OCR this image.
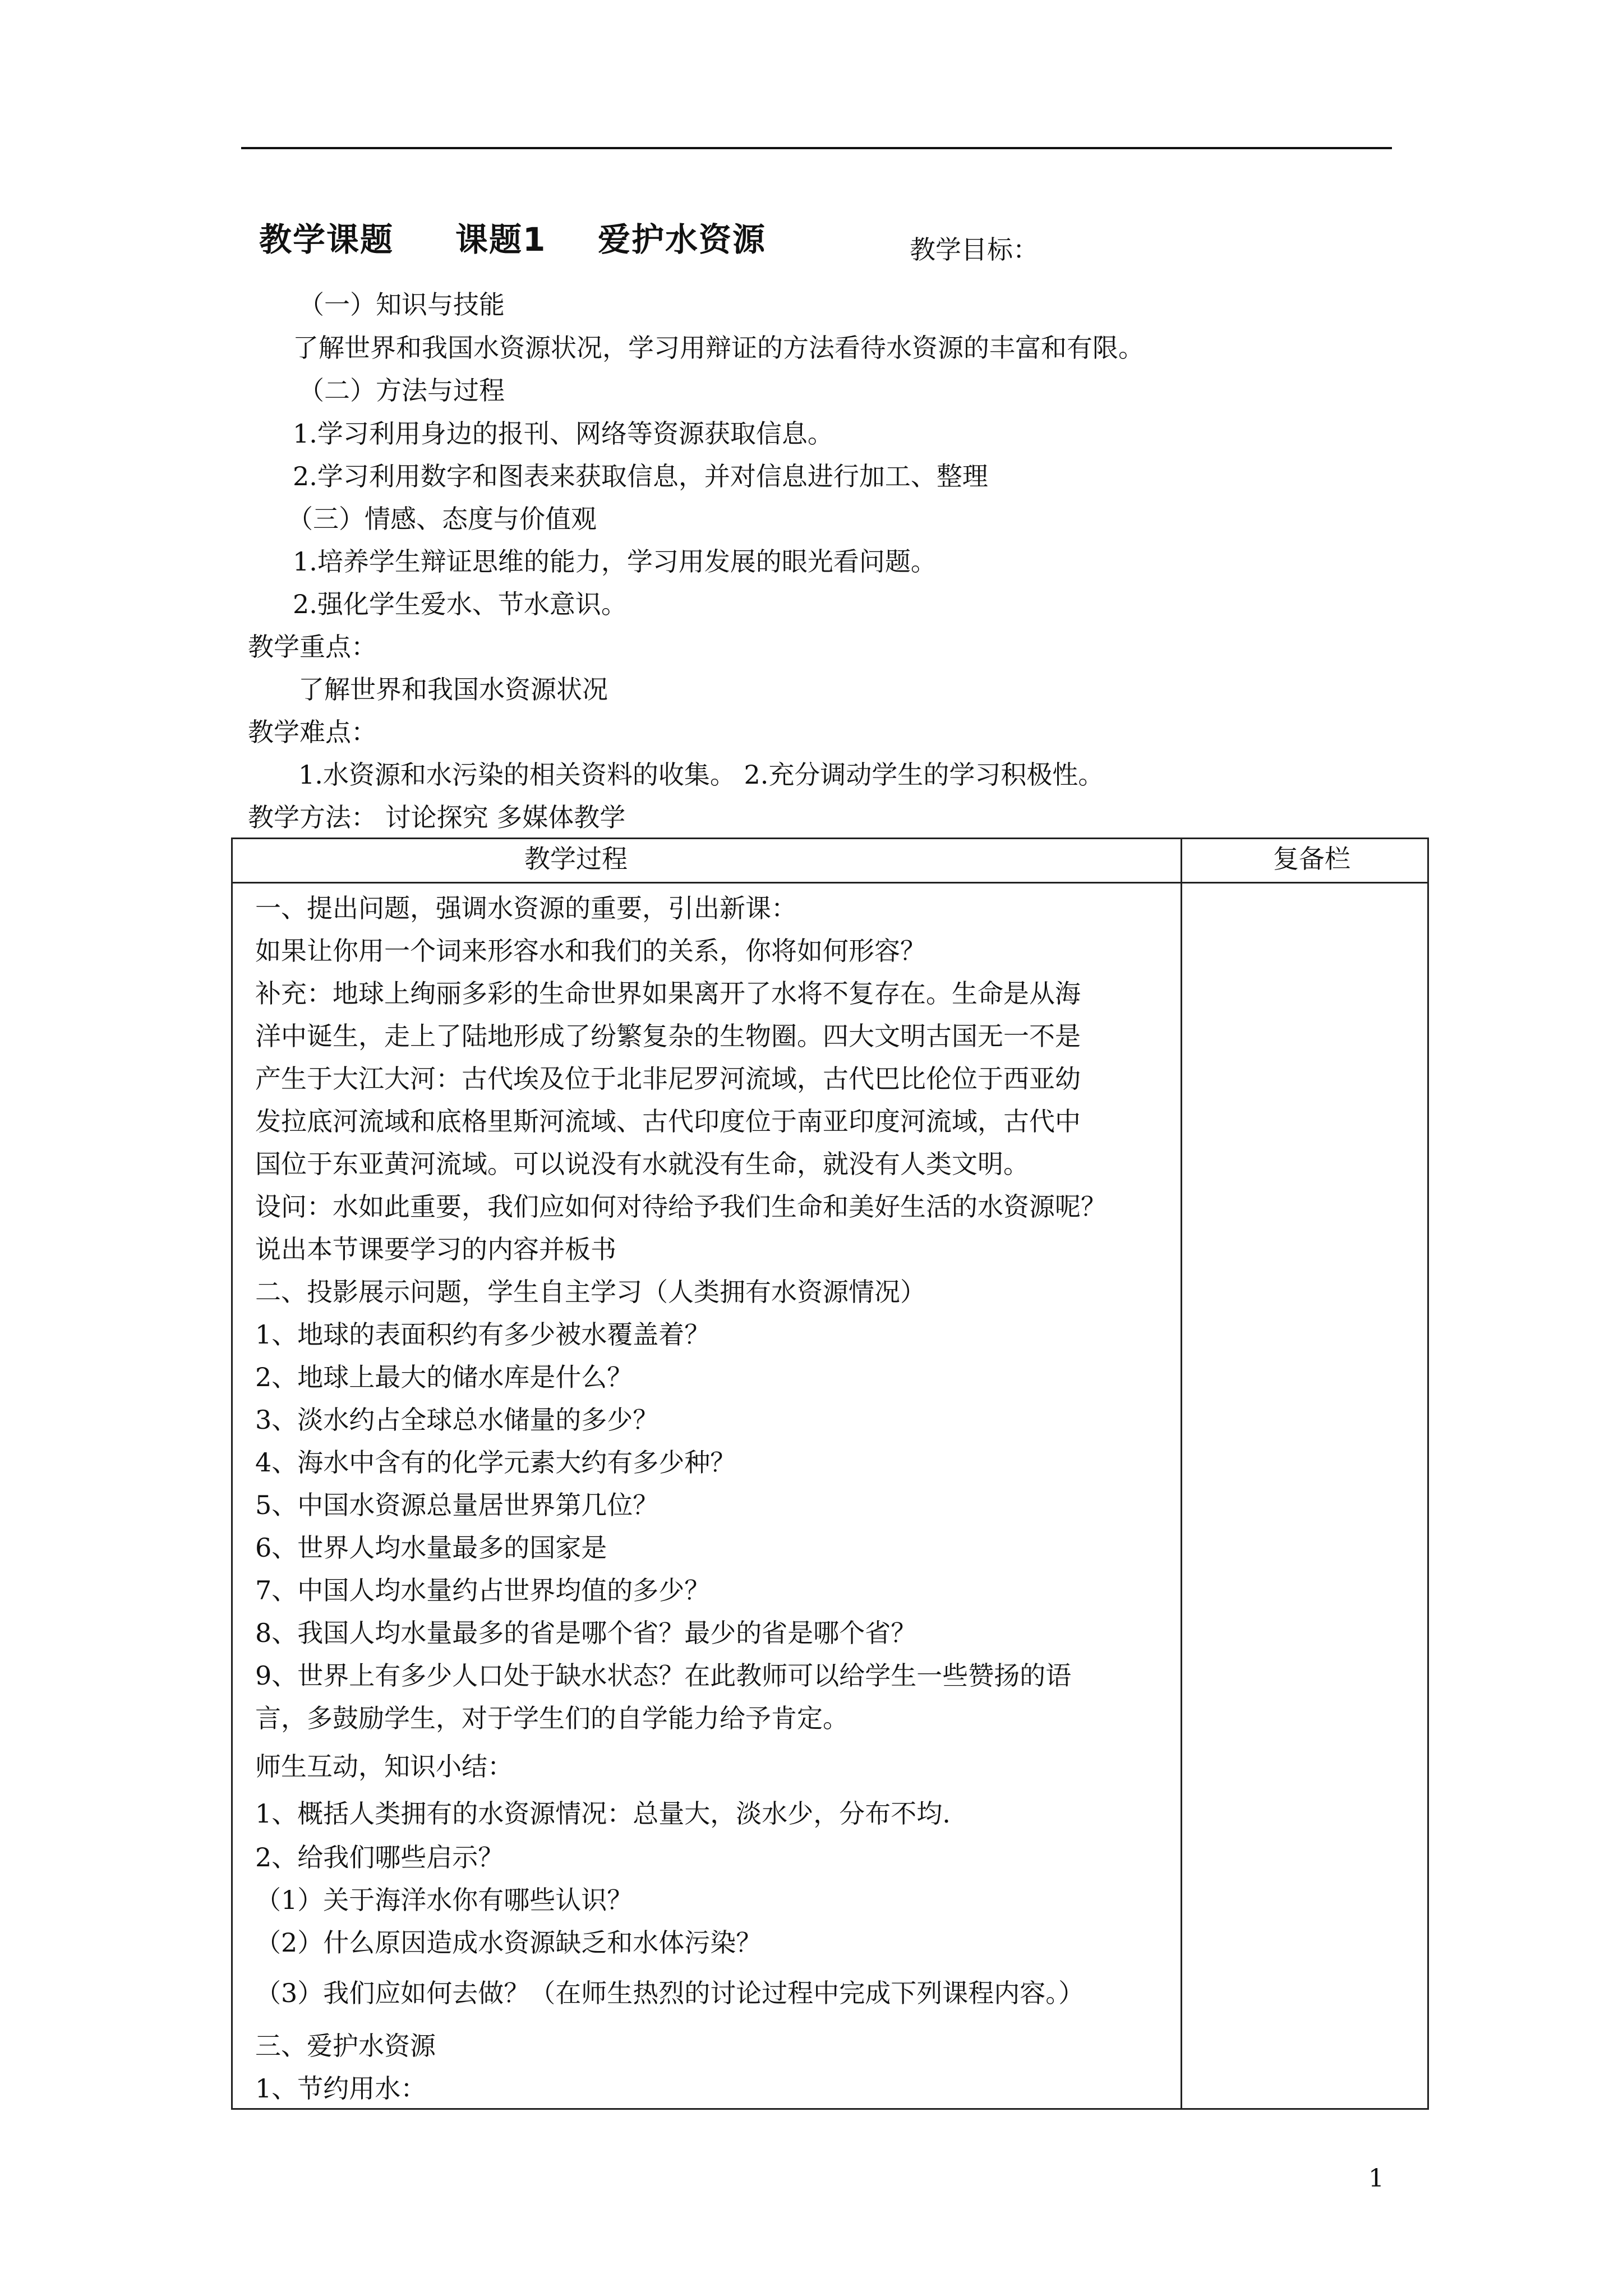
教学课题 课题1 爱护水资源	教学目标：
（一）知识与技能
了解世界和我国水资源状况，学习用辩证的方法看待水资源的丰富和有限。
（二）方法与过程
1.学习利用身边的报刊、网络等资源获取信息。
2.学习利用数字和图表来获取信息，并对信息进行加工、整理
（三）情感、态度与价值观
1.培养学生辩证思维的能力，学习用发展的眼光看问题。
2.强化学生爱水、节水意识。
教学重点：
了解世界和我国水资源状况
教学难点：
1.水资源和水污染的相关资料的收集。 2.充分调动学生的学习积极性。
教学方法： 讨论探究 多媒体教学
教学过程	复备栏
一、提出问题，强调水资源的重要，引出新课：
如果让你用一个词来形容水和我们的关系，你将如何形容？
补充：地球上绚丽多彩的生命世界如果离开了水将不复存在。生命是从海
洋中诞生，走上了陆地形成了纷繁复杂的生物圈。四大文明古国无一不是
产生于大江大河：古代埃及位于北非尼罗河流域，古代巴比伦位于西亚幼
发拉底河流域和底格里斯河流域、古代印度位于南亚印度河流域，古代中
国位于东亚黄河流域。可以说没有水就没有生命，就没有人类文明。
设问：水如此重要，我们应如何对待给予我们生命和美好生活的水资源呢？
说出本节课要学习的内容并板书
二、投影展示问题，学生自主学习（人类拥有水资源情况）
1、地球的表面积约有多少被水覆盖着？
2、地球上最大的储水库是什么？
3、淡水约占全球总水储量的多少？
4、海水中含有的化学元素大约有多少种？
5、中国水资源总量居世界第几位？
6、世界人均水量最多的国家是
7、中国人均水量约占世界均值的多少？
8、我国人均水量最多的省是哪个省？最少的省是哪个省？
9、世界上有多少人口处于缺水状态？在此教师可以给学生一些赞扬的语
言，多鼓励学生，对于学生们的自学能力给予肯定。
师生互动，知识小结：
1、概括人类拥有的水资源情况：总量大，淡水少，分布不均.
2、给我们哪些启示？
（1）关于海洋水你有哪些认识？
（2）什么原因造成水资源缺乏和水体污染？
（3）我们应如何去做？（在师生热烈的讨论过程中完成下列课程内容。）
三、爱护水资源
1、节约用水：
1
